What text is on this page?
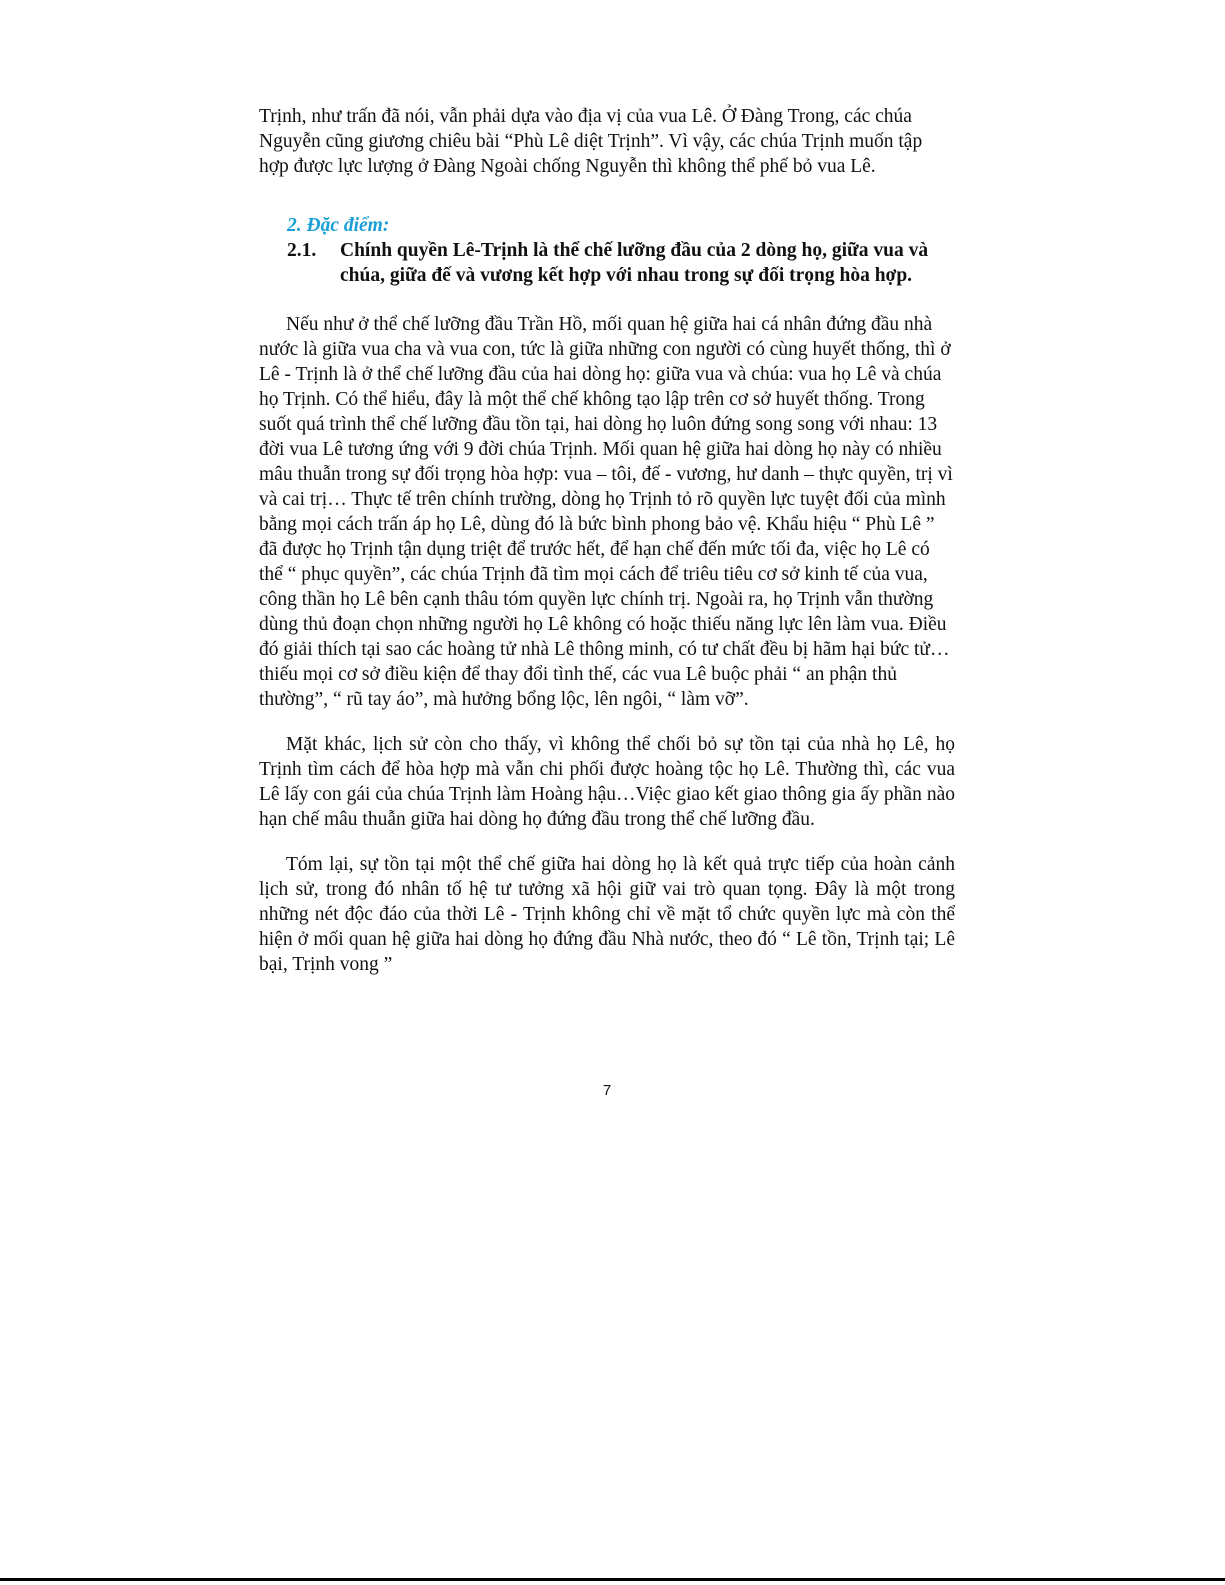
Trịnh, như trấn đã nói, vẫn phải dựa vào địa vị của vua Lê. Ở Đàng Trong, các chúa Nguyễn cũng giương chiêu bài “Phù Lê diệt Trịnh”. Vì vậy, các chúa Trịnh muốn tập hợp được lực lượng ở Đàng Ngoài chống Nguyễn thì không thể phế bỏ vua Lê.

2. Đặc điểm:
2.1.	Chính quyền Lê-Trịnh là thể chế lưỡng đầu của 2 dòng họ, giữa vua và chúa, giữa đế và vương kết hợp với nhau trong sự đối trọng hòa hợp.

Nếu như ở thể chế lưỡng đầu Trần Hồ, mối quan hệ giữa hai cá nhân đứng đầu nhà nước là giữa vua cha và vua con, tức là giữa những con người có cùng huyết thống, thì ở Lê - Trịnh là ở thể chế lưỡng đầu của hai dòng họ: giữa vua và chúa: vua họ Lê và chúa họ Trịnh. Có thể hiểu, đây là một thể chế không tạo lập trên cơ sở huyết thống. Trong suốt quá trình thể chế lưỡng đầu tồn tại, hai dòng họ luôn đứng song song với nhau: 13 đời vua Lê tương ứng với 9 đời chúa Trịnh. Mối quan hệ giữa hai dòng họ này có nhiều mâu thuẫn trong sự đối trọng hòa hợp: vua – tôi, đế - vương, hư danh – thực quyền, trị vì và cai trị… Thực tế trên chính trường, dòng họ Trịnh tỏ rõ quyền lực tuyệt đối của mình bằng mọi cách trấn áp họ Lê, dùng đó là bức bình phong bảo vệ. Khẩu hiệu “ Phù Lê ” đã được họ Trịnh tận dụng triệt để trước hết, để hạn chế đến mức tối đa, việc họ Lê có thể “ phục quyền”, các chúa Trịnh đã tìm mọi cách để triêu tiêu cơ sở kinh tế của vua, công thần họ Lê bên cạnh thâu tóm quyền lực chính trị. Ngoài ra, họ Trịnh vẫn thường dùng thủ đoạn chọn những người họ Lê không có hoặc thiếu năng lực lên làm vua. Điều đó giải thích tại sao các hoàng tử nhà Lê thông minh, có tư chất đều bị hãm hại bức tử… thiếu mọi cơ sở điều kiện để thay đổi tình thế, các vua Lê buộc phải “ an phận thủ thường”, “ rũ tay áo”, mà hưởng bổng lộc, lên ngôi, “ làm vỡ”.

Mặt khác, lịch sử còn cho thấy, vì không thể chối bỏ sự tồn tại của nhà họ Lê, họ Trịnh tìm cách để hòa hợp mà vẫn chi phối được hoàng tộc họ Lê. Thường thì, các vua Lê lấy con gái của chúa Trịnh làm Hoàng hậu…Việc giao kết giao thông gia ấy phần nào hạn chế mâu thuẫn giữa hai dòng họ đứng đầu trong thể chế lưỡng đầu.

Tóm lại, sự tồn tại một thể chế giữa hai dòng họ là kết quả trực tiếp của hoàn cảnh lịch sử, trong đó nhân tố hệ tư tưởng xã hội giữ vai trò quan tọng. Đây là một trong những nét độc đáo của thời Lê - Trịnh không chỉ về mặt tổ chức quyền lực mà còn thể hiện ở mối quan hệ giữa hai dòng họ đứng đầu Nhà nước, theo đó “ Lê tồn, Trịnh tại; Lê bại, Trịnh vong ”

7
